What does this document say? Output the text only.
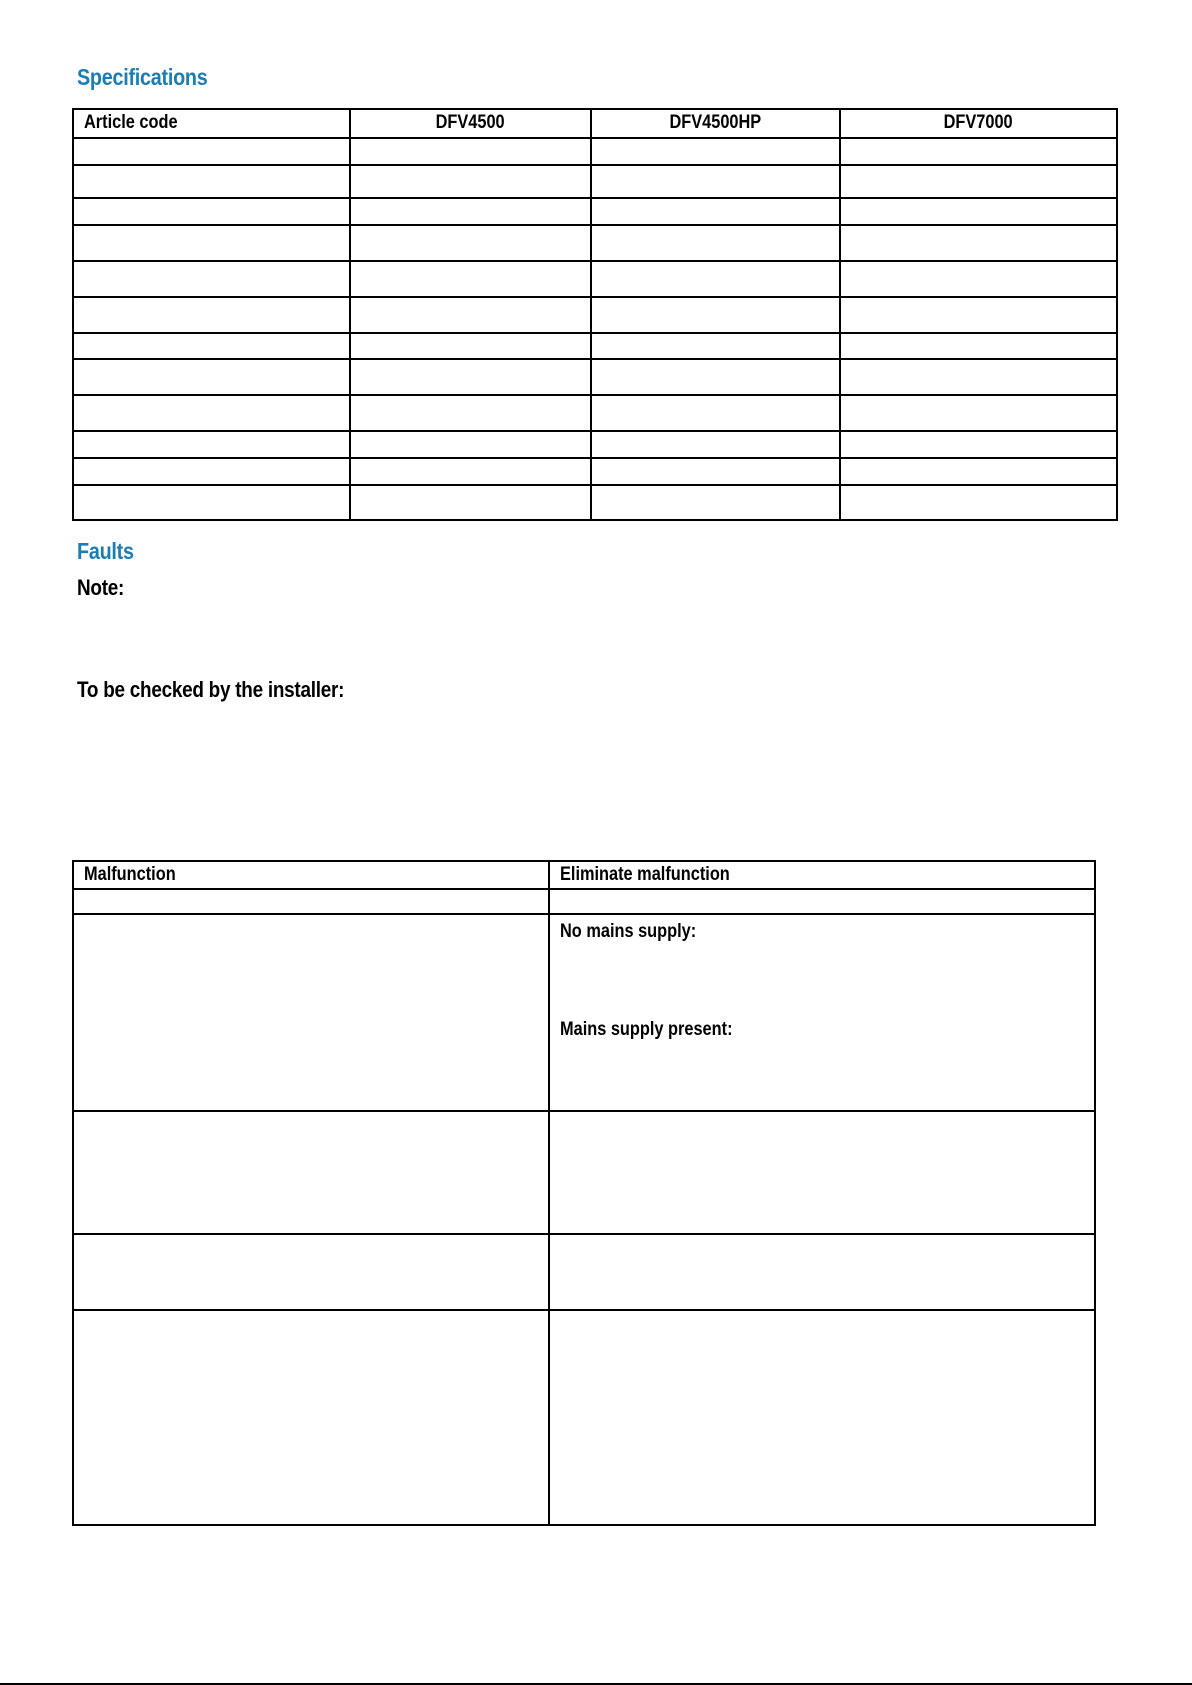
Specifications
Article code	DFV4500	DFV4500HP	DFV7000

Faults

Note:

To be checked by the installer:

Malfunction	Eliminate malfunction

	No mains supply:
Mains supply present:
